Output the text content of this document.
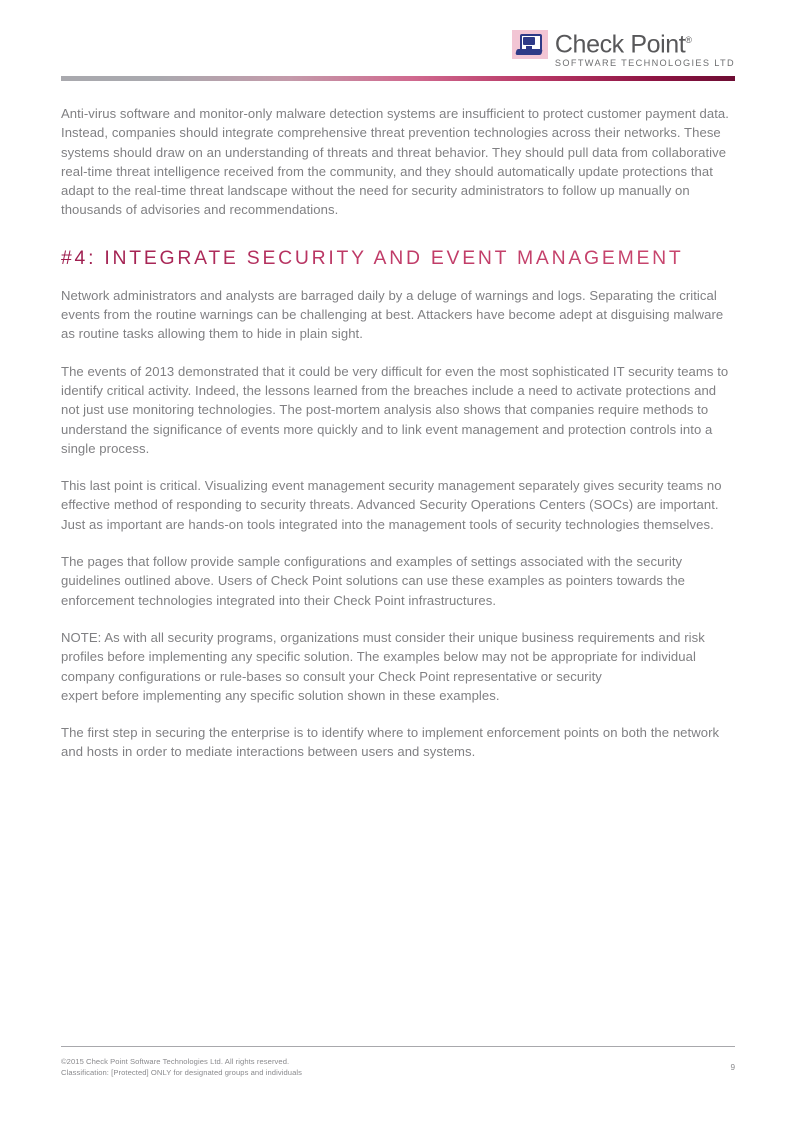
Check Point®
SOFTWARE TECHNOLOGIES LTD

Anti-virus software and monitor-only malware detection systems are insufficient to protect customer payment data. Instead, companies should integrate comprehensive threat prevention technologies across their networks. These systems should draw on an understanding of threats and threat behavior. They should pull data from collaborative real-time threat intelligence received from the community, and they should automatically update protections that adapt to the real-time threat landscape without the need for security administrators to follow up manually on thousands of advisories and recommendations.

#4: INTEGRATE SECURITY AND EVENT MANAGEMENT

Network administrators and analysts are barraged daily by a deluge of warnings and logs. Separating the critical events from the routine warnings can be challenging at best. Attackers have become adept at disguising malware as routine tasks allowing them to hide in plain sight.

The events of 2013 demonstrated that it could be very difficult for even the most sophisticated IT security teams to identify critical activity. Indeed, the lessons learned from the breaches include a need to activate protections and not just use monitoring technologies. The post-mortem analysis also shows that companies require methods to understand the significance of events more quickly and to link event management and protection controls into a single process.

This last point is critical. Visualizing event management security management separately gives security teams no effective method of responding to security threats. Advanced Security Operations Centers (SOCs) are important. Just as important are hands-on tools integrated into the management tools of security technologies themselves.

The pages that follow provide sample configurations and examples of settings associated with the security guidelines outlined above. Users of Check Point solutions can use these examples as pointers towards the enforcement technologies integrated into their Check Point infrastructures.

NOTE: As with all security programs, organizations must consider their unique business requirements and risk profiles before implementing any specific solution. The examples below may not be appropriate for individual company configurations or rule-bases so consult your Check Point representative or security
expert before implementing any specific solution shown in these examples.

The first step in securing the enterprise is to identify where to implement enforcement points on both the network and hosts in order to mediate interactions between users and systems.

©2015 Check Point Software Technologies Ltd. All rights reserved.
Classification: [Protected] ONLY for designated groups and individuals
9
